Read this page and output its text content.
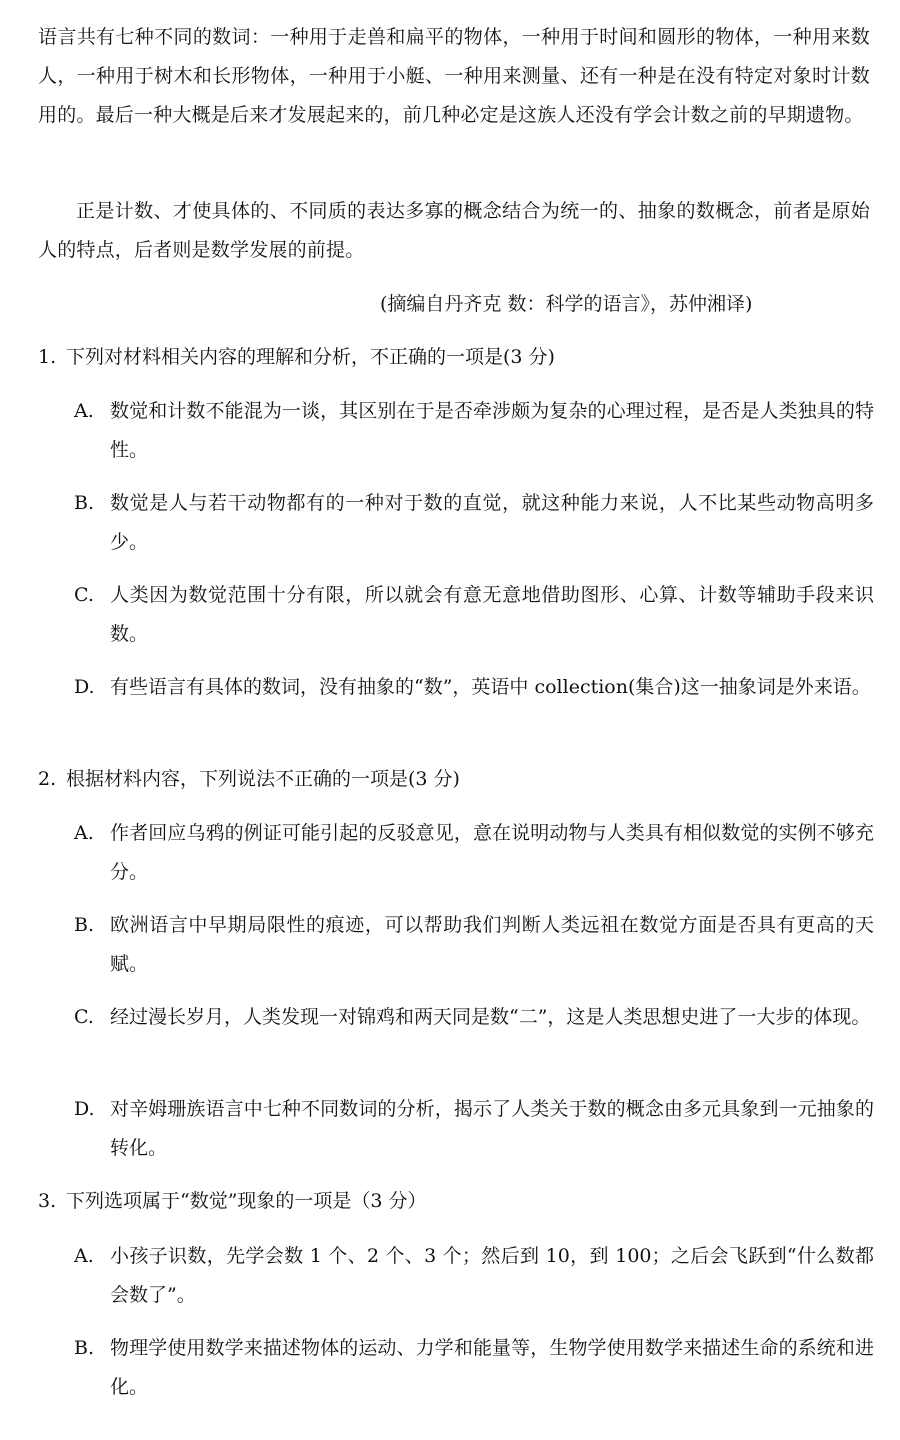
语言共有七种不同的数词：一种用于走兽和扁平的物体，一种用于时间和圆形的物体，一种用来数人，一种用于树木和长形物体，一种用于小艇、一种用来测量、还有一种是在没有特定对象时计数用的。最后一种大概是后来才发展起来的，前几种必定是这族人还没有学会计数之前的早期遗物。
正是计数、才使具体的、不同质的表达多寡的概念结合为统一的、抽象的数概念，前者是原始人的特点，后者则是数学发展的前提。
(摘编自丹齐克 数：科学的语言》，苏仲湘译)
1. 下列对材料相关内容的理解和分析，不正确的一项是(3 分)
A. 数觉和计数不能混为一谈，其区别在于是否牵涉颇为复杂的心理过程，是否是人类独具的特性。
B. 数觉是人与若干动物都有的一种对于数的直觉，就这种能力来说，人不比某些动物高明多少。
C. 人类因为数觉范围十分有限，所以就会有意无意地借助图形、心算、计数等辅助手段来识数。
D. 有些语言有具体的数词，没有抽象的“数”，英语中 collection(集合)这一抽象词是外来语。
2. 根据材料内容，下列说法不正确的一项是(3 分)
A. 作者回应乌鸦的例证可能引起的反驳意见，意在说明动物与人类具有相似数觉的实例不够充分。
B. 欧洲语言中早期局限性的痕迹，可以帮助我们判断人类远祖在数觉方面是否具有更高的天赋。
C. 经过漫长岁月，人类发现一对锦鸡和两天同是数“二”，这是人类思想史进了一大步的体现。
D. 对辛姆珊族语言中七种不同数词的分析，揭示了人类关于数的概念由多元具象到一元抽象的转化。
3. 下列选项属于“数觉”现象的一项是（3 分）
A. 小孩子识数，先学会数 1 个、2 个、3 个；然后到 10，到 100；之后会飞跃到“什么数都会数了”。
B. 物理学使用数学来描述物体的运动、力学和能量等，生物学使用数学来描述生命的系统和进化。
